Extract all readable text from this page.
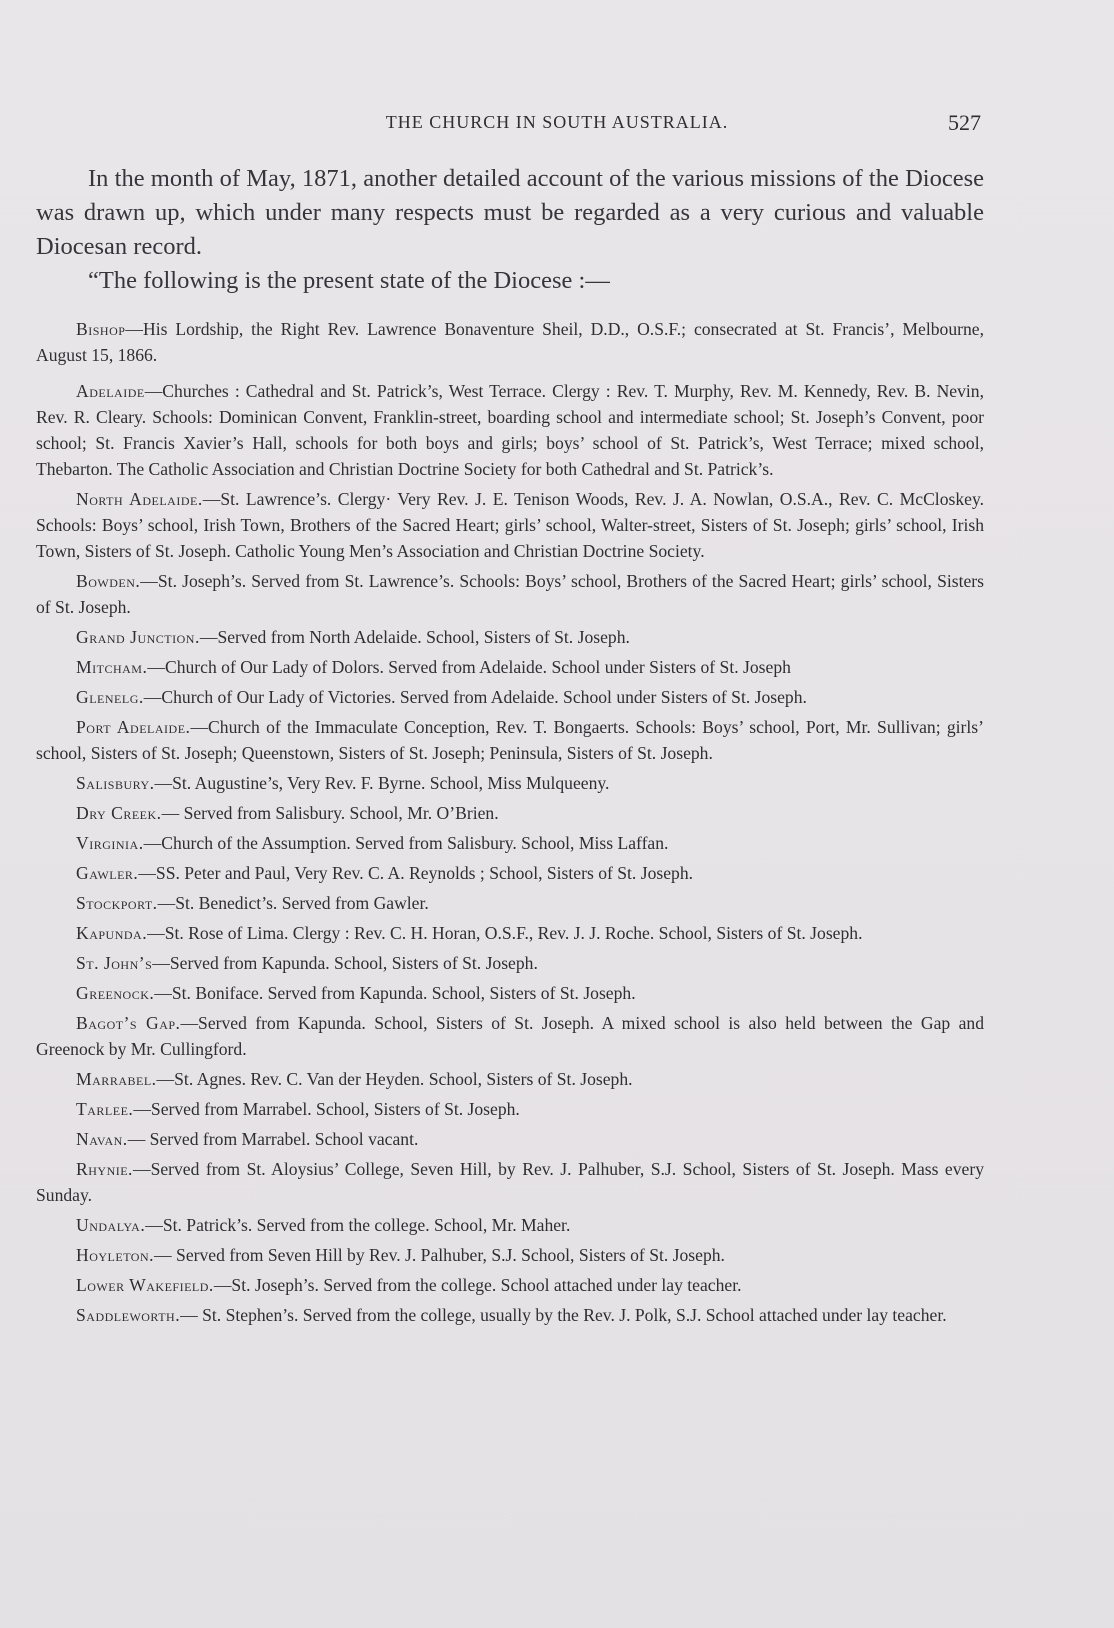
THE CHURCH IN SOUTH AUSTRALIA.	527

In the month of May, 1871, another detailed account of the various missions of the Diocese was drawn up, which under many respects must be regarded as a very curious and valuable Diocesan record.

“The following is the present state of the Diocese :—

Bishop—His Lordship, the Right Rev. Lawrence Bonaventure Sheil, D.D., O.S.F.; consecrated at St. Francis’, Melbourne, August 15, 1866.

Adelaide—Churches : Cathedral and St. Patrick’s, West Terrace. Clergy : Rev. T. Murphy, Rev. M. Kennedy, Rev. B. Nevin, Rev. R. Cleary. Schools: Dominican Convent, Franklin-street, boarding school and intermediate school; St. Joseph’s Convent, poor school; St. Francis Xavier’s Hall, schools for both boys and girls; boys’ school of St. Patrick’s, West Terrace; mixed school, Thebarton. The Catholic Association and Christian Doctrine Society for both Cathedral and St. Patrick’s.

North Adelaide.—St. Lawrence’s. Clergy· Very Rev. J. E. Tenison Woods, Rev. J. A. Nowlan, O.S.A., Rev. C. McCloskey. Schools: Boys’ school, Irish Town, Brothers of the Sacred Heart; girls’ school, Walter-street, Sisters of St. Joseph; girls’ school, Irish Town, Sisters of St. Joseph. Catholic Young Men’s Association and Christian Doctrine Society.

Bowden.—St. Joseph’s. Served from St. Lawrence’s. Schools: Boys’ school, Brothers of the Sacred Heart; girls’ school, Sisters of St. Joseph.

Grand Junction.—Served from North Adelaide. School, Sisters of St. Joseph.

Mitcham.—Church of Our Lady of Dolors. Served from Adelaide. School under Sisters of St. Joseph

Glenelg.—Church of Our Lady of Victories. Served from Adelaide. School under Sisters of St. Joseph.

Port Adelaide.—Church of the Immaculate Conception, Rev. T. Bongaerts. Schools: Boys’ school, Port, Mr. Sullivan; girls’ school, Sisters of St. Joseph; Queenstown, Sisters of St. Joseph; Peninsula, Sisters of St. Joseph.

Salisbury.—St. Augustine’s, Very Rev. F. Byrne. School, Miss Mulqueeny.

Dry Creek.— Served from Salisbury. School, Mr. O’Brien.

Virginia.—Church of the Assumption. Served from Salisbury. School, Miss Laffan.

Gawler.—SS. Peter and Paul, Very Rev. C. A. Reynolds ; School, Sisters of St. Joseph.

Stockport.—St. Benedict’s. Served from Gawler.

Kapunda.—St. Rose of Lima. Clergy : Rev. C. H. Horan, O.S.F., Rev. J. J. Roche. School, Sisters of St. Joseph.

St. John’s—Served from Kapunda. School, Sisters of St. Joseph.

Greenock.—St. Boniface. Served from Kapunda. School, Sisters of St. Joseph.

Bagot’s Gap.—Served from Kapunda. School, Sisters of St. Joseph. A mixed school is also held between the Gap and Greenock by Mr. Cullingford.

Marrabel.—St. Agnes. Rev. C. Van der Heyden. School, Sisters of St. Joseph.

Tarlee.—Served from Marrabel. School, Sisters of St. Joseph.

Navan.— Served from Marrabel. School vacant.

Rhynie.—Served from St. Aloysius’ College, Seven Hill, by Rev. J. Palhuber, S.J. School, Sisters of St. Joseph. Mass every Sunday.

Undalya.—St. Patrick’s. Served from the college. School, Mr. Maher.

Hoyleton.— Served from Seven Hill by Rev. J. Palhuber, S.J. School, Sisters of St. Joseph.

Lower Wakefield.—St. Joseph’s. Served from the college. School attached under lay teacher.

Saddleworth.— St. Stephen’s. Served from the college, usually by the Rev. J. Polk, S.J. School attached under lay teacher.
